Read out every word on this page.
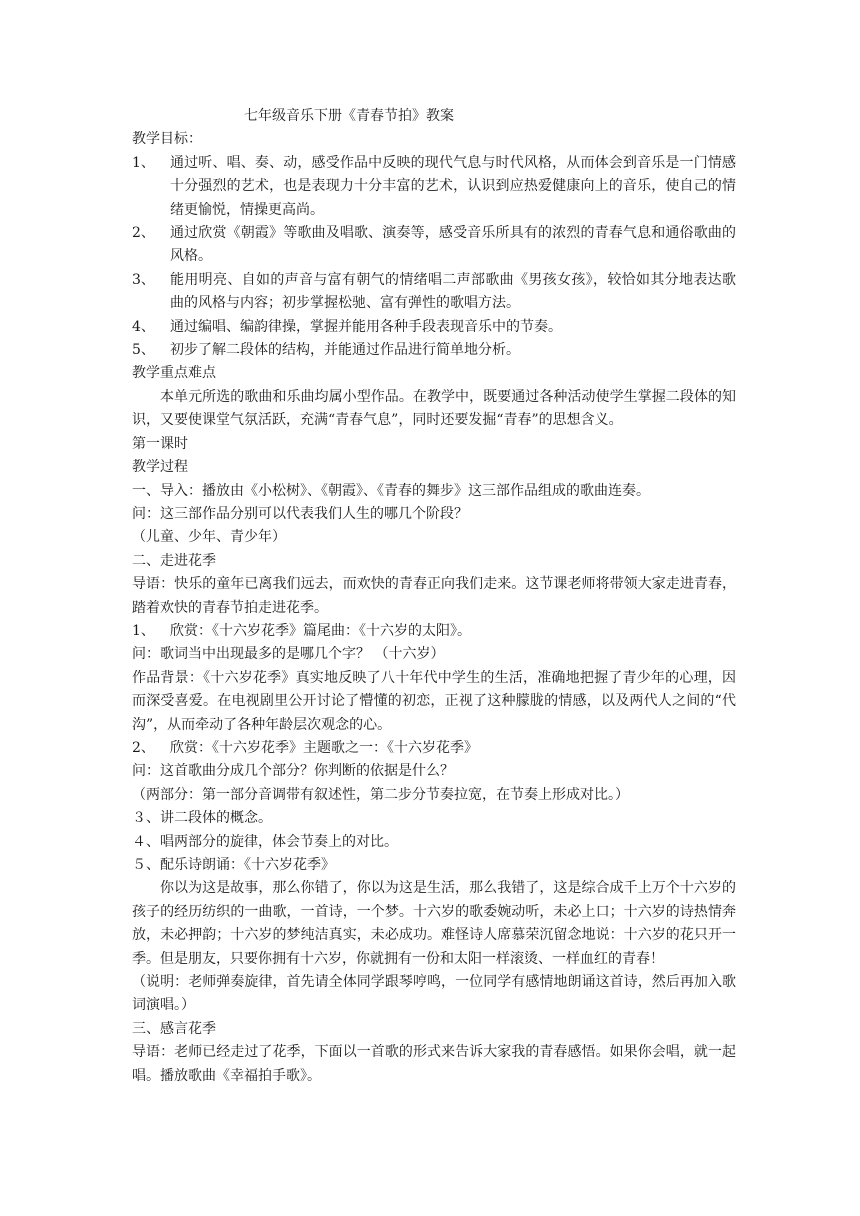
七年级音乐下册《青春节拍》教案
教学目标：
1、	通过听、唱、奏、动，感受作品中反映的现代气息与时代风格，从而体会到音乐是一门情感十分强烈的艺术，也是表现力十分丰富的艺术，认识到应热爱健康向上的音乐，使自己的情绪更愉悦，情操更高尚。
2、	通过欣赏《朝霞》等歌曲及唱歌、演奏等，感受音乐所具有的浓烈的青春气息和通俗歌曲的风格。
3、	能用明亮、自如的声音与富有朝气的情绪唱二声部歌曲《男孩女孩》，较恰如其分地表达歌曲的风格与内容；初步掌握松驰、富有弹性的歌唱方法。
4、	通过编唱、编韵律操，掌握并能用各种手段表现音乐中的节奏。
5、	初步了解二段体的结构，并能通过作品进行简单地分析。
教学重点难点
本单元所选的歌曲和乐曲均属小型作品。在教学中，既要通过各种活动使学生掌握二段体的知识，又要使课堂气氛活跃，充满“青春气息”，同时还要发掘“青春”的思想含义。
第一课时
教学过程
一、导入：播放由《小松树》、《朝霞》、《青春的舞步》这三部作品组成的歌曲连奏。
问：这三部作品分别可以代表我们人生的哪几个阶段？
（儿童、少年、青少年）
二、走进花季
导语：快乐的童年已离我们远去，而欢快的青春正向我们走来。这节课老师将带领大家走进青春，踏着欢快的青春节拍走进花季。
1、	欣赏：《十六岁花季》篇尾曲：《十六岁的太阳》。
问：歌词当中出现最多的是哪几个字？ （十六岁）
作品背景：《十六岁花季》真实地反映了八十年代中学生的生活，准确地把握了青少年的心理，因而深受喜爱。在电视剧里公开讨论了懵懂的初恋，正视了这种朦胧的情感，以及两代人之间的“代沟”，从而牵动了各种年龄层次观念的心。
2、	欣赏：《十六岁花季》主题歌之一：《十六岁花季》
问：这首歌曲分成几个部分？你判断的依据是什么？
（两部分：第一部分音调带有叙述性，第二步分节奏拉宽，在节奏上形成对比。）
３、讲二段体的概念。
４、唱两部分的旋律，体会节奏上的对比。
５、配乐诗朗诵：《十六岁花季》
你以为这是故事，那么你错了，你以为这是生活，那么我错了，这是综合成千上万个十六岁的孩子的经历纺织的一曲歌，一首诗，一个梦。十六岁的歌委婉动听，未必上口；十六岁的诗热情奔放，未必押韵；十六岁的梦纯洁真实，未必成功。难怪诗人席慕荣沉留念地说：十六岁的花只开一季。但是朋友，只要你拥有十六岁，你就拥有一份和太阳一样滚烫、一样血红的青春！
（说明：老师弹奏旋律，首先请全体同学跟琴哼鸣，一位同学有感情地朗诵这首诗，然后再加入歌词演唱。）
三、感言花季
导语：老师已经走过了花季，下面以一首歌的形式来告诉大家我的青春感悟。如果你会唱，就一起唱。播放歌曲《幸福拍手歌》。
